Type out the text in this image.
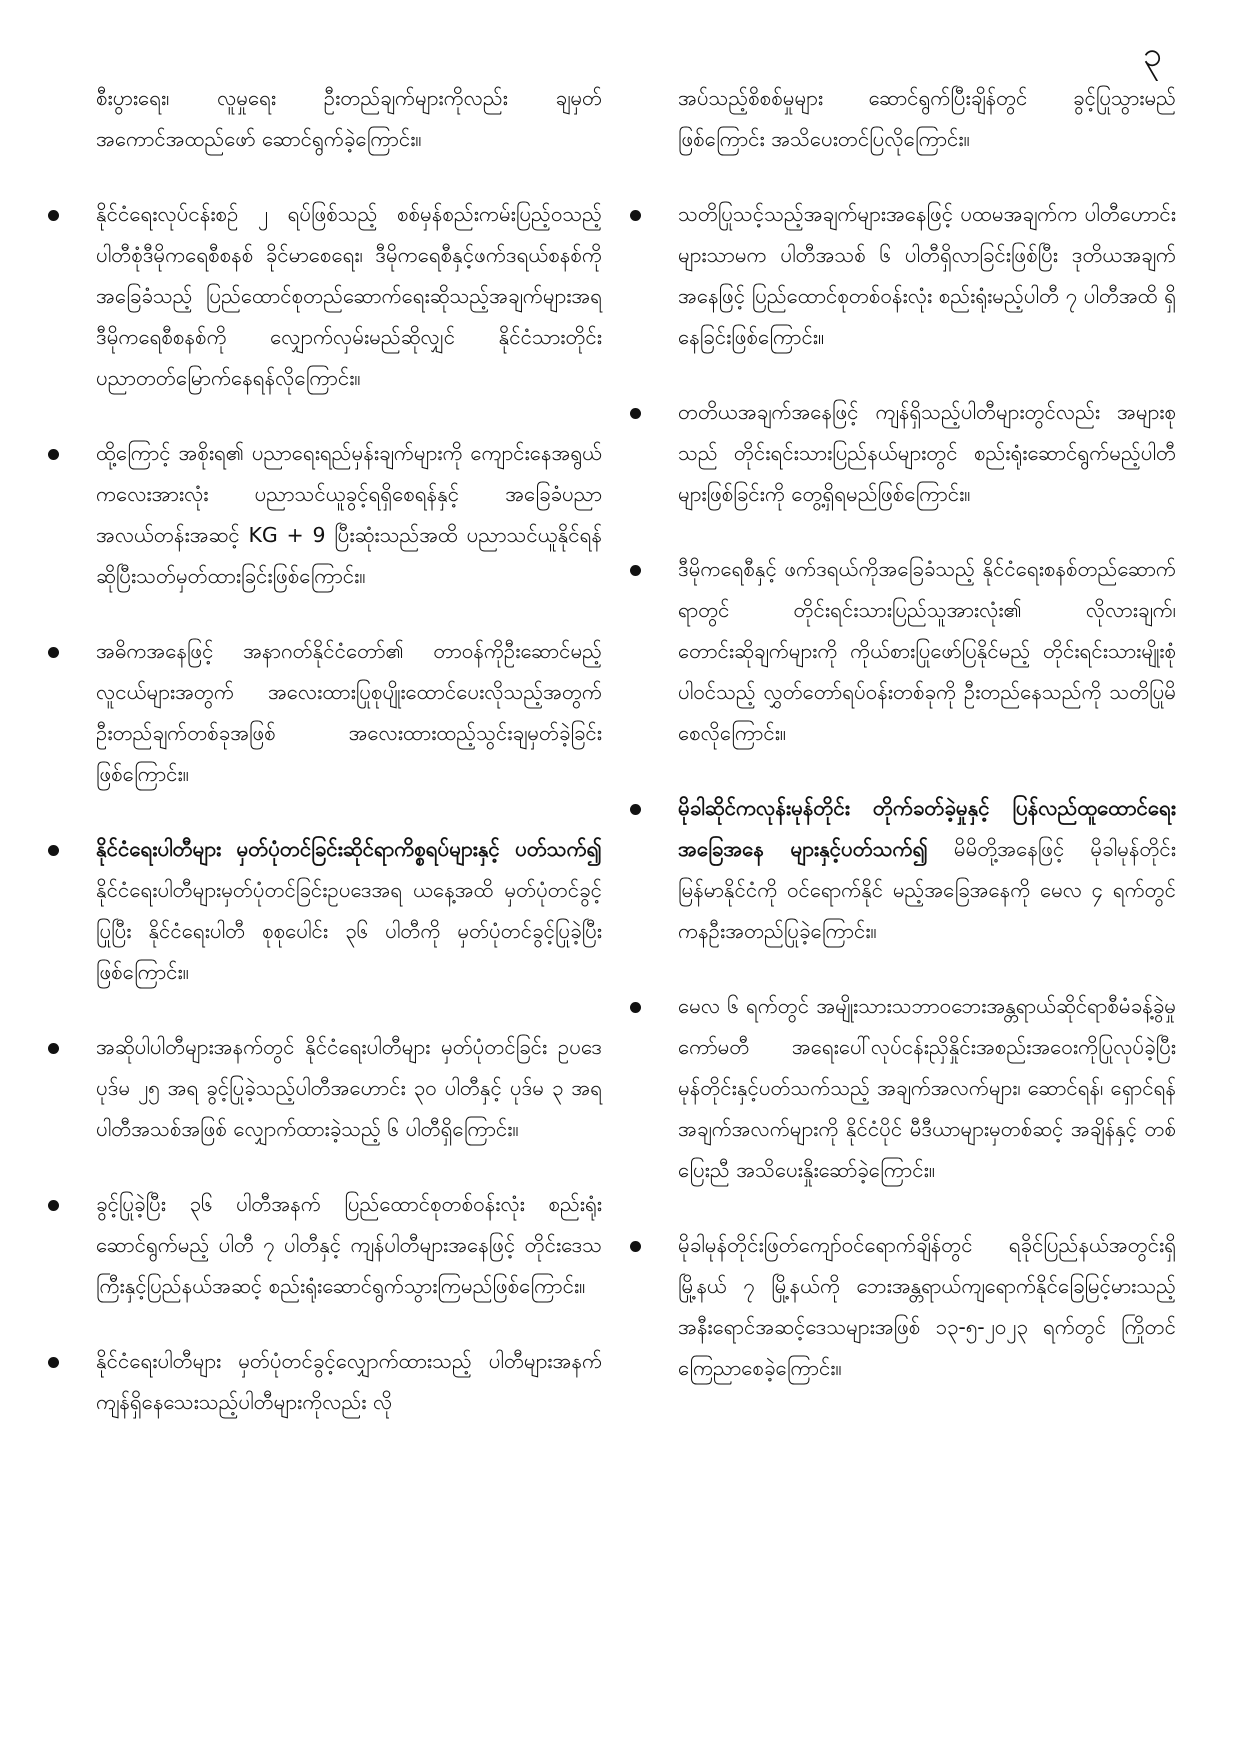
၃

စီးပွားရေး၊ လူမှုရေး ဦးတည်ချက်များကိုလည်း ချမှတ်အကောင်အထည်ဖော် ဆောင်ရွက်ခဲ့ကြောင်း။

နိုင်ငံရေးလုပ်ငန်းစဉ် ၂ ရပ်ဖြစ်သည့် စစ်မှန်စည်းကမ်းပြည့်ဝသည့် ပါတီစုံဒီမိုကရေစီစနစ် ခိုင်မာစေရေး၊ ဒီမိုကရေစီနှင့်ဖက်ဒရယ်စနစ်ကိုအခြေခံသည့် ပြည်ထောင်စုတည်ဆောက်ရေးဆိုသည့်အချက်များအရ ဒီမိုကရေစီစနစ်ကို လျှောက်လှမ်းမည်ဆိုလျှင် နိုင်ငံသားတိုင်းပညာတတ်မြောက်နေရန်လိုကြောင်း။

ထို့ကြောင့် အစိုးရ၏ ပညာရေးရည်မှန်းချက်များကို ကျောင်းနေအရွယ် ကလေးအားလုံး ပညာသင်ယူခွင့်ရရှိစေရန်နှင့် အခြေခံပညာအလယ်တန်းအဆင့် KG + 9 ပြီးဆုံးသည်အထိ ပညာသင်ယူနိုင်ရန်ဆိုပြီးသတ်မှတ်ထားခြင်းဖြစ်ကြောင်း။

အဓိကအနေဖြင့် အနာဂတ်နိုင်ငံတော်၏ တာဝန်ကိုဦးဆောင်မည့် လူငယ်များအတွက် အလေးထားပြုစုပျိုးထောင်ပေးလိုသည့်အတွက် ဦးတည်ချက်တစ်ခုအဖြစ် အလေးထားထည့်သွင်းချမှတ်ခဲ့ခြင်းဖြစ်ကြောင်း။

နိုင်ငံရေးပါတီများ မှတ်ပုံတင်ခြင်းဆိုင်ရာကိစ္စရပ်များနှင့် ပတ်သက်၍ နိုင်ငံရေးပါတီများမှတ်ပုံတင်ခြင်းဥပဒေအရ ယနေ့အထိ မှတ်ပုံတင်ခွင့်ပြုပြီး နိုင်ငံရေးပါတီ စုစုပေါင်း ၃၆ ပါတီကို မှတ်ပုံတင်ခွင့်ပြုခဲ့ပြီးဖြစ်ကြောင်း။

အဆိုပါပါတီများအနက်တွင် နိုင်ငံရေးပါတီများ မှတ်ပုံတင်ခြင်း ဥပဒေပုဒ်မ ၂၅ အရ ခွင့်ပြုခဲ့သည့်ပါတီအဟောင်း ၃၀ ပါတီနှင့် ပုဒ်မ ၃ အရ ပါတီအသစ်အဖြစ် လျှောက်ထားခဲ့သည့် ၆ ပါတီရှိကြောင်း။

ခွင့်ပြုခဲ့ပြီး ၃၆ ပါတီအနက် ပြည်ထောင်စုတစ်ဝန်းလုံး စည်းရုံးဆောင်ရွက်မည့် ပါတီ ၇ ပါတီနှင့် ကျန်ပါတီများအနေဖြင့် တိုင်းဒေသကြီးနှင့်ပြည်နယ်အဆင့် စည်းရုံးဆောင်ရွက်သွားကြမည်ဖြစ်ကြောင်း။

နိုင်ငံရေးပါတီများ မှတ်ပုံတင်ခွင့်လျှောက်ထားသည့် ပါတီများအနက် ကျန်ရှိနေသေးသည့်ပါတီများကိုလည်း လို

အပ်သည့်စိစစ်မှုများ ဆောင်ရွက်ပြီးချိန်တွင် ခွင့်ပြုသွားမည်ဖြစ်ကြောင်း အသိပေးတင်ပြလိုကြောင်း။

သတိပြုသင့်သည့်အချက်များအနေဖြင့် ပထမအချက်က ပါတီဟောင်းများသာမက ပါတီအသစ် ၆ ပါတီရှိလာခြင်းဖြစ်ပြီး ဒုတိယအချက်အနေဖြင့် ပြည်ထောင်စုတစ်ဝန်းလုံး စည်းရုံးမည့်ပါတီ ၇ ပါတီအထိ ရှိနေခြင်းဖြစ်ကြောင်း။

တတိယအချက်အနေဖြင့် ကျန်ရှိသည့်ပါတီများတွင်လည်း အများစုသည် တိုင်းရင်းသားပြည်နယ်များတွင် စည်းရုံးဆောင်ရွက်မည့်ပါတီများဖြစ်ခြင်းကို တွေ့ရှိရမည်ဖြစ်ကြောင်း။

ဒီမိုကရေစီနှင့် ဖက်ဒရယ်ကိုအခြေခံသည့် နိုင်ငံရေးစနစ်တည်ဆောက်ရာတွင် တိုင်းရင်းသားပြည်သူအားလုံး၏ လိုလားချက်၊ တောင်းဆိုချက်များကို ကိုယ်စားပြုဖော်ပြနိုင်မည့် တိုင်းရင်းသားမျိုးစုံပါဝင်သည့် လွှတ်တော်ရပ်ဝန်းတစ်ခုကို ဦးတည်နေသည်ကို သတိပြုမိစေလိုကြောင်း။

မိုခါဆိုင်ကလုန်းမုန်တိုင်း တိုက်ခတ်ခဲ့မှုနှင့် ပြန်လည်ထူထောင်ရေးအခြေအနေ များနှင့်ပတ်သက်၍ မိမိတို့အနေဖြင့် မိုခါမုန်တိုင်း မြန်မာနိုင်ငံကို ဝင်ရောက်နိုင် မည့်အခြေအနေကို မေလ ၄ ရက်တွင် ကနဦးအတည်ပြုခဲ့ကြောင်း။

မေလ ၆ ရက်တွင် အမျိုးသားသဘာဝဘေးအန္တရာယ်ဆိုင်ရာစီမံခန့်ခွဲမှုကော်မတီ အရေးပေါ်လုပ်ငန်းညှိနှိုင်းအစည်းအဝေးကိုပြုလုပ်ခဲ့ပြီး မုန်တိုင်းနှင့်ပတ်သက်သည့် အချက်အလက်များ၊ ဆောင်ရန်၊ ရှောင်ရန် အချက်အလက်များကို နိုင်ငံပိုင် မီဒီယာများမှတစ်ဆင့် အချိန်နှင့် တစ်ပြေးညီ အသိပေးနှိုးဆော်ခဲ့ကြောင်း။

မိုခါမုန်တိုင်းဖြတ်ကျော်ဝင်ရောက်ချိန်တွင် ရခိုင်ပြည်နယ်အတွင်းရှိ မြို့နယ် ၇ မြို့နယ်ကို ဘေးအန္တရာယ်ကျရောက်နိုင်ခြေမြင့်မားသည့် အနီးရောင်အဆင့်ဒေသများအဖြစ် ၁၃-၅-၂၀၂၃ ရက်တွင် ကြိုတင်ကြေညာစေခဲ့ကြောင်း။
